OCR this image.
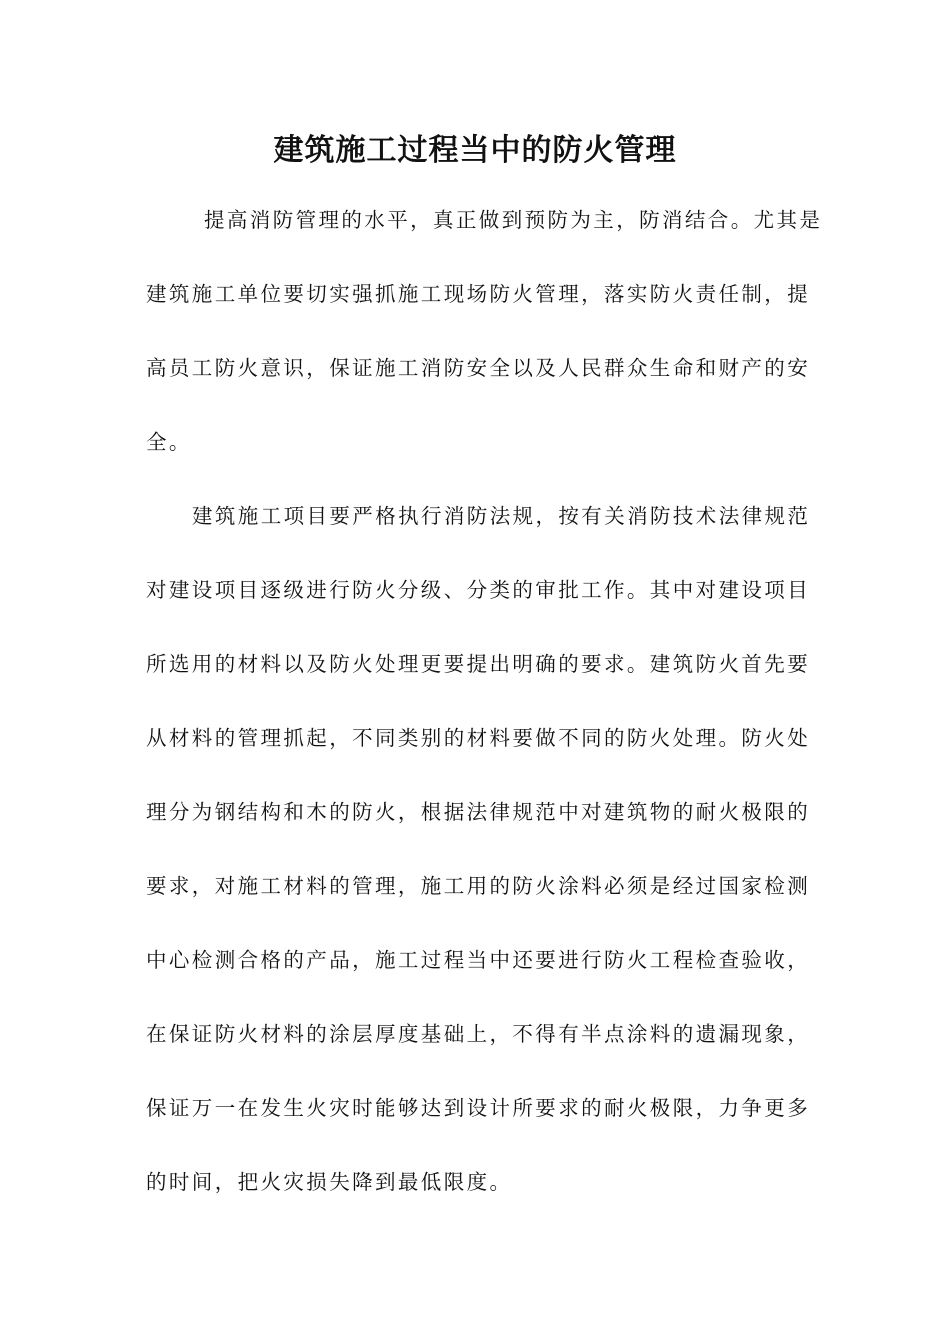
建筑施工过程当中的防火管理
提高消防管理的水平，真正做到预防为主，防消结合。尤其是
建筑施工单位要切实强抓施工现场防火管理，落实防火责任制，提
高员工防火意识，保证施工消防安全以及人民群众生命和财产的安
全。
建筑施工项目要严格执行消防法规，按有关消防技术法律规范
对建设项目逐级进行防火分级、分类的审批工作。其中对建设项目
所选用的材料以及防火处理更要提出明确的要求。建筑防火首先要
从材料的管理抓起，不同类别的材料要做不同的防火处理。防火处
理分为钢结构和木的防火，根据法律规范中对建筑物的耐火极限的
要求，对施工材料的管理，施工用的防火涂料必须是经过国家检测
中心检测合格的产品，施工过程当中还要进行防火工程检查验收，
在保证防火材料的涂层厚度基础上，不得有半点涂料的遗漏现象，
保证万一在发生火灾时能够达到设计所要求的耐火极限，力争更多
的时间，把火灾损失降到最低限度。
